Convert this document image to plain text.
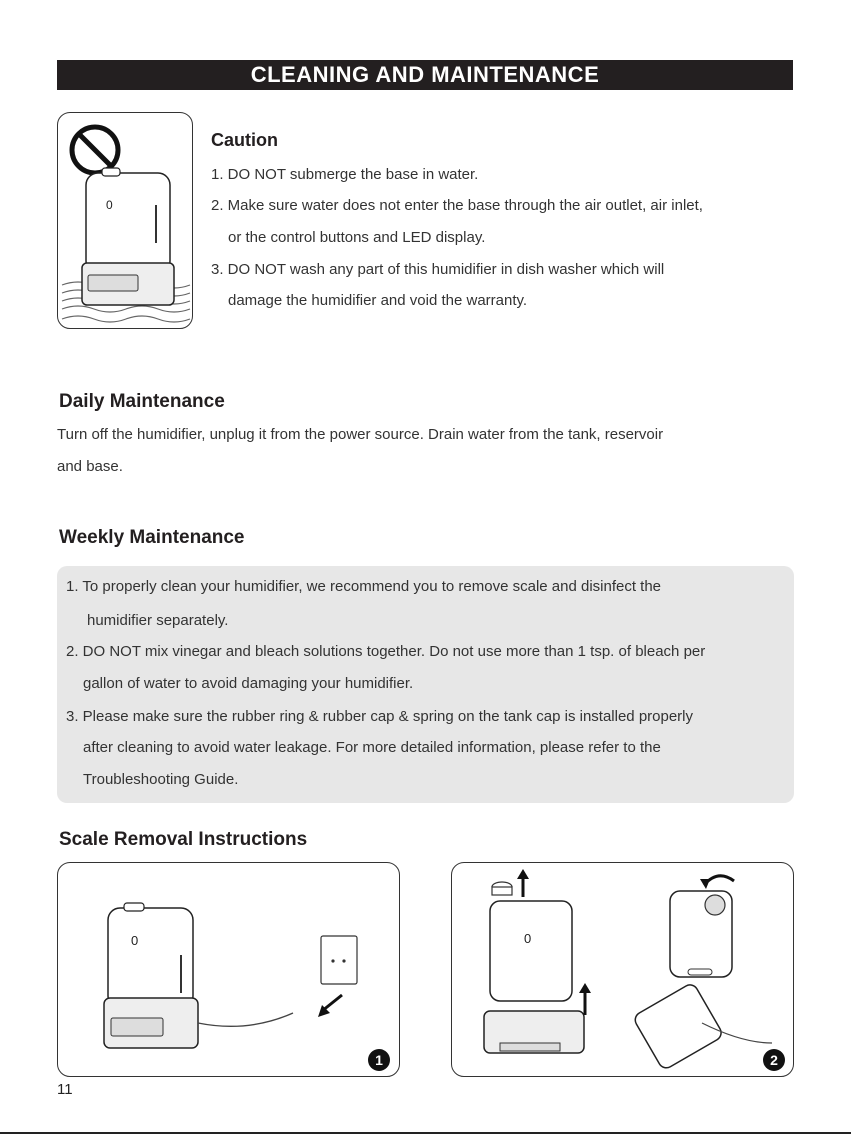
CLEANING AND MAINTENANCE
0
Caution
1. DO NOT submerge the base in water.
2. Make sure water does not enter the base through the air outlet, air inlet,
or the control buttons and LED display.
3. DO NOT wash any part of this humidifier in dish washer which will
damage the humidifier and void the warranty.
Daily Maintenance
Turn off the humidifier, unplug it from the power source. Drain water from the tank, reservoir
and base.
Weekly Maintenance
1. To properly clean your humidifier, we recommend you to remove scale and disinfect the
humidifier separately.
2. DO NOT mix vinegar and bleach solutions together. Do not use more than 1 tsp. of bleach per
gallon of water to avoid damaging your humidifier.
3. Please make sure the rubber ring & rubber cap & spring on the tank cap is installed properly
after cleaning to avoid water leakage. For more detailed information, please refer to the
Troubleshooting Guide.
Scale Removal Instructions
0
1
0
2
11
